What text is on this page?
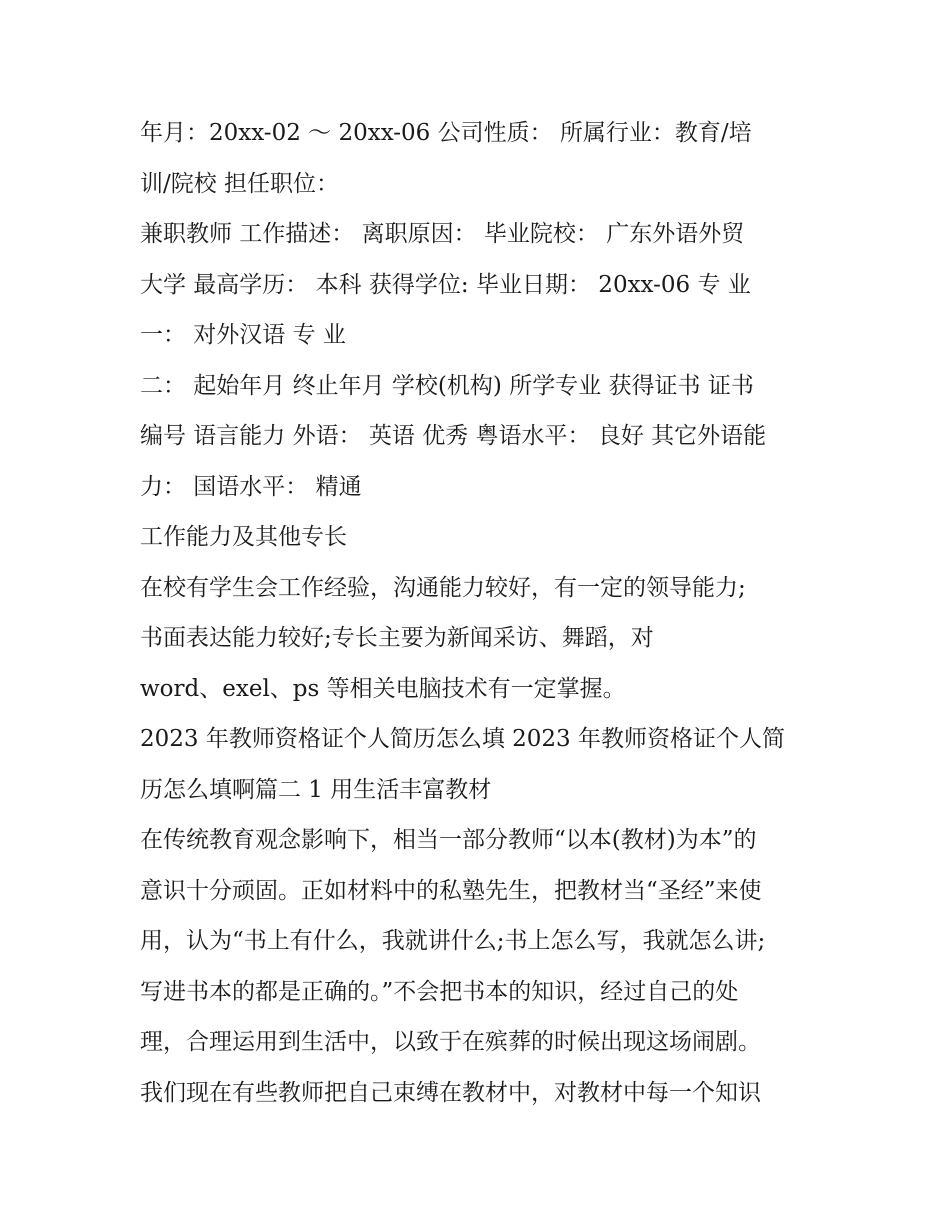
年月：20xx-02 ～ 20xx-06 公司性质： 所属行业：教育/培
训/院校 担任职位：
兼职教师 工作描述： 离职原因： 毕业院校： 广东外语外贸
大学 最高学历： 本科 获得学位: 毕业日期： 20xx-06 专 业
一： 对外汉语 专 业
二： 起始年月 终止年月 学校(机构) 所学专业 获得证书 证书
编号 语言能力 外语： 英语 优秀 粤语水平： 良好 其它外语能
力： 国语水平： 精通
工作能力及其他专长
在校有学生会工作经验，沟通能力较好，有一定的领导能力;
书面表达能力较好;专长主要为新闻采访、舞蹈，对
word、exel、ps 等相关电脑技术有一定掌握。
2023 年教师资格证个人简历怎么填 2023 年教师资格证个人简
历怎么填啊篇二 1 用生活丰富教材
在传统教育观念影响下，相当一部分教师“以本(教材)为本”的
意识十分顽固。正如材料中的私塾先生，把教材当“圣经”来使
用，认为“书上有什么，我就讲什么;书上怎么写，我就怎么讲;
写进书本的都是正确的。”不会把书本的知识，经过自己的处
理，合理运用到生活中，以致于在殡葬的时候出现这场闹剧。
我们现在有些教师把自己束缚在教材中，对教材中每一个知识
